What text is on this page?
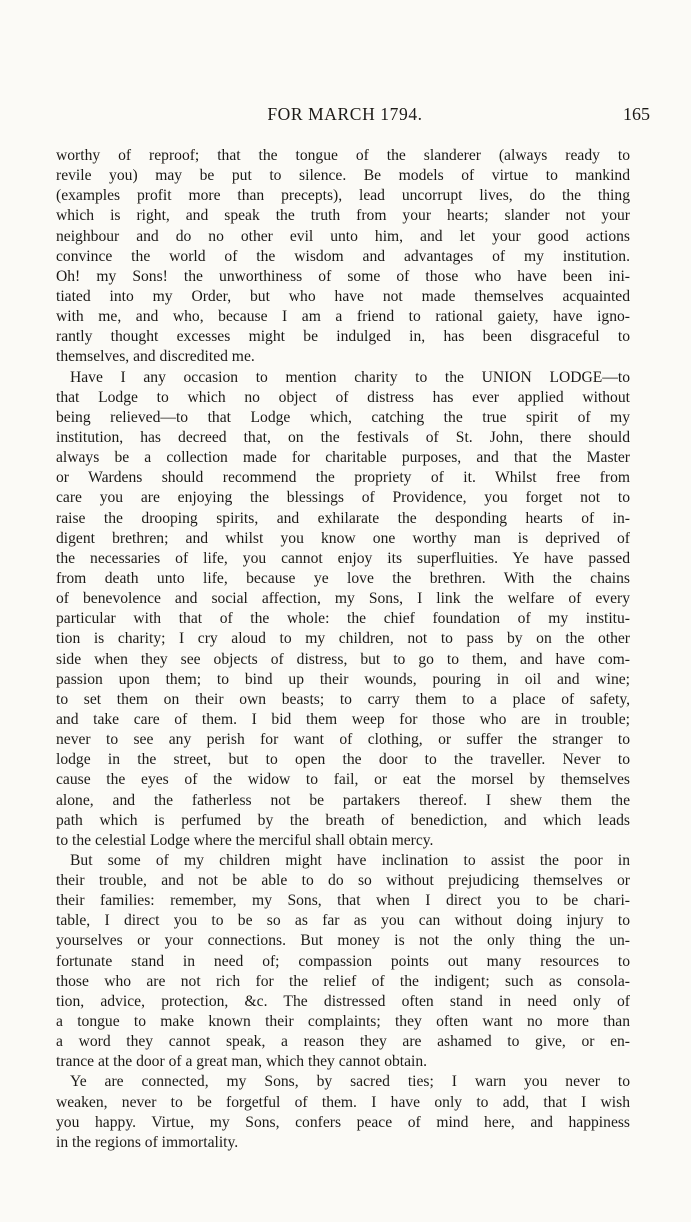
FOR MARCH 1794.	165
worthy of reproof; that the tongue of the slanderer (always ready to
revile you) may be put to silence. Be models of virtue to mankind
(examples profit more than precepts), lead uncorrupt lives, do the thing
which is right, and speak the truth from your hearts; slander not your
neighbour and do no other evil unto him, and let your good actions
convince the world of the wisdom and advantages of my institution.
Oh! my Sons! the unworthiness of some of those who have been ini-
tiated into my Order, but who have not made themselves acquainted
with me, and who, because I am a friend to rational gaiety, have igno-
rantly thought excesses might be indulged in, has been disgraceful to
themselves, and discredited me.
Have I any occasion to mention charity to the UNION LODGE—to
that Lodge to which no object of distress has ever applied without
being relieved—to that Lodge which, catching the true spirit of my
institution, has decreed that, on the festivals of St. John, there should
always be a collection made for charitable purposes, and that the Master
or Wardens should recommend the propriety of it. Whilst free from
care you are enjoying the blessings of Providence, you forget not to
raise the drooping spirits, and exhilarate the desponding hearts of in-
digent brethren; and whilst you know one worthy man is deprived of
the necessaries of life, you cannot enjoy its superfluities. Ye have passed
from death unto life, because ye love the brethren. With the chains
of benevolence and social affection, my Sons, I link the welfare of every
particular with that of the whole: the chief foundation of my institu-
tion is charity; I cry aloud to my children, not to pass by on the other
side when they see objects of distress, but to go to them, and have com-
passion upon them; to bind up their wounds, pouring in oil and wine;
to set them on their own beasts; to carry them to a place of safety,
and take care of them. I bid them weep for those who are in trouble;
never to see any perish for want of clothing, or suffer the stranger to
lodge in the street, but to open the door to the traveller. Never to
cause the eyes of the widow to fail, or eat the morsel by themselves
alone, and the fatherless not be partakers thereof. I shew them the
path which is perfumed by the breath of benediction, and which leads
to the celestial Lodge where the merciful shall obtain mercy.
But some of my children might have inclination to assist the poor in
their trouble, and not be able to do so without prejudicing themselves or
their families: remember, my Sons, that when I direct you to be chari-
table, I direct you to be so as far as you can without doing injury to
yourselves or your connections. But money is not the only thing the un-
fortunate stand in need of; compassion points out many resources to
those who are not rich for the relief of the indigent; such as consola-
tion, advice, protection, &c. The distressed often stand in need only of
a tongue to make known their complaints; they often want no more than
a word they cannot speak, a reason they are ashamed to give, or en-
trance at the door of a great man, which they cannot obtain.
Ye are connected, my Sons, by sacred ties; I warn you never to
weaken, never to be forgetful of them. I have only to add, that I wish
you happy. Virtue, my Sons, confers peace of mind here, and happiness
in the regions of immortality.
